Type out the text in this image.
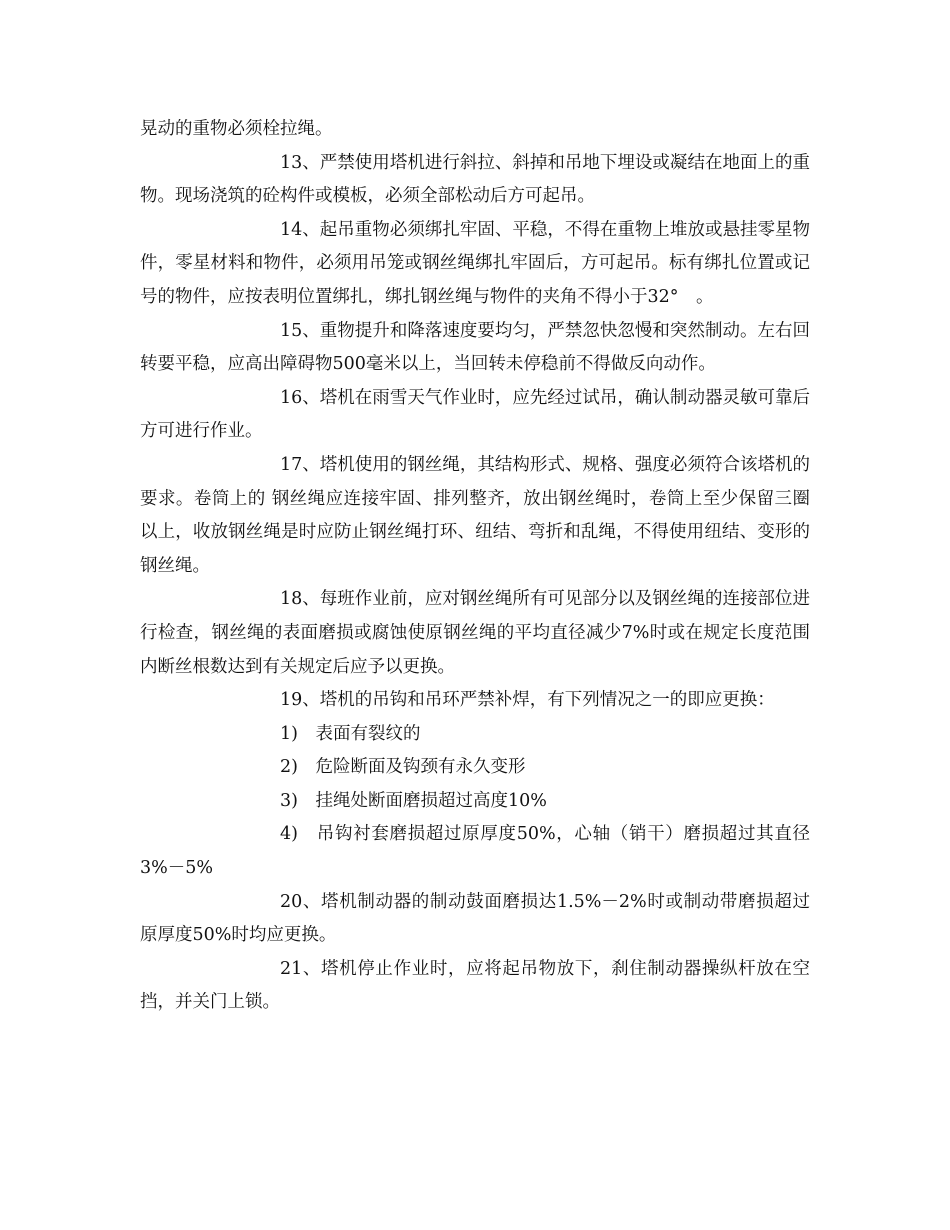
晃动的重物必须栓拉绳。

13、严禁使用塔机进行斜拉、斜掉和吊地下埋设或凝结在地面上的重物。现场浇筑的砼构件或模板，必须全部松动后方可起吊。

14、起吊重物必须绑扎牢固、平稳，不得在重物上堆放或悬挂零星物件，零星材料和物件，必须用吊笼或钢丝绳绑扎牢固后，方可起吊。标有绑扎位置或记号的物件，应按表明位置绑扎，绑扎钢丝绳与物件的夹角不得小于32°　。

15、重物提升和降落速度要均匀，严禁忽快忽慢和突然制动。左右回转要平稳，应高出障碍物500毫米以上，当回转未停稳前不得做反向动作。

16、塔机在雨雪天气作业时，应先经过试吊，确认制动器灵敏可靠后方可进行作业。

17、塔机使用的钢丝绳，其结构形式、规格、强度必须符合该塔机的要求。卷筒上的 钢丝绳应连接牢固、排列整齐，放出钢丝绳时，卷筒上至少保留三圈以上，收放钢丝绳是时应防止钢丝绳打环、纽结、弯折和乱绳，不得使用纽结、变形的钢丝绳。

18、每班作业前，应对钢丝绳所有可见部分以及钢丝绳的连接部位进行检查，钢丝绳的表面磨损或腐蚀使原钢丝绳的平均直径减少7%时或在规定长度范围内断丝根数达到有关规定后应予以更换。

19、塔机的吊钩和吊环严禁补焊，有下列情况之一的即应更换：

1)　表面有裂纹的

2)　危险断面及钩颈有永久变形

3)　挂绳处断面磨损超过高度10%

4)　吊钩衬套磨损超过原厚度50%，心轴（销干）磨损超过其直径3%－5%

20、塔机制动器的制动鼓面磨损达1.5%－2%时或制动带磨损超过原厚度50%时均应更换。

21、塔机停止作业时，应将起吊物放下，刹住制动器操纵杆放在空挡，并关门上锁。
